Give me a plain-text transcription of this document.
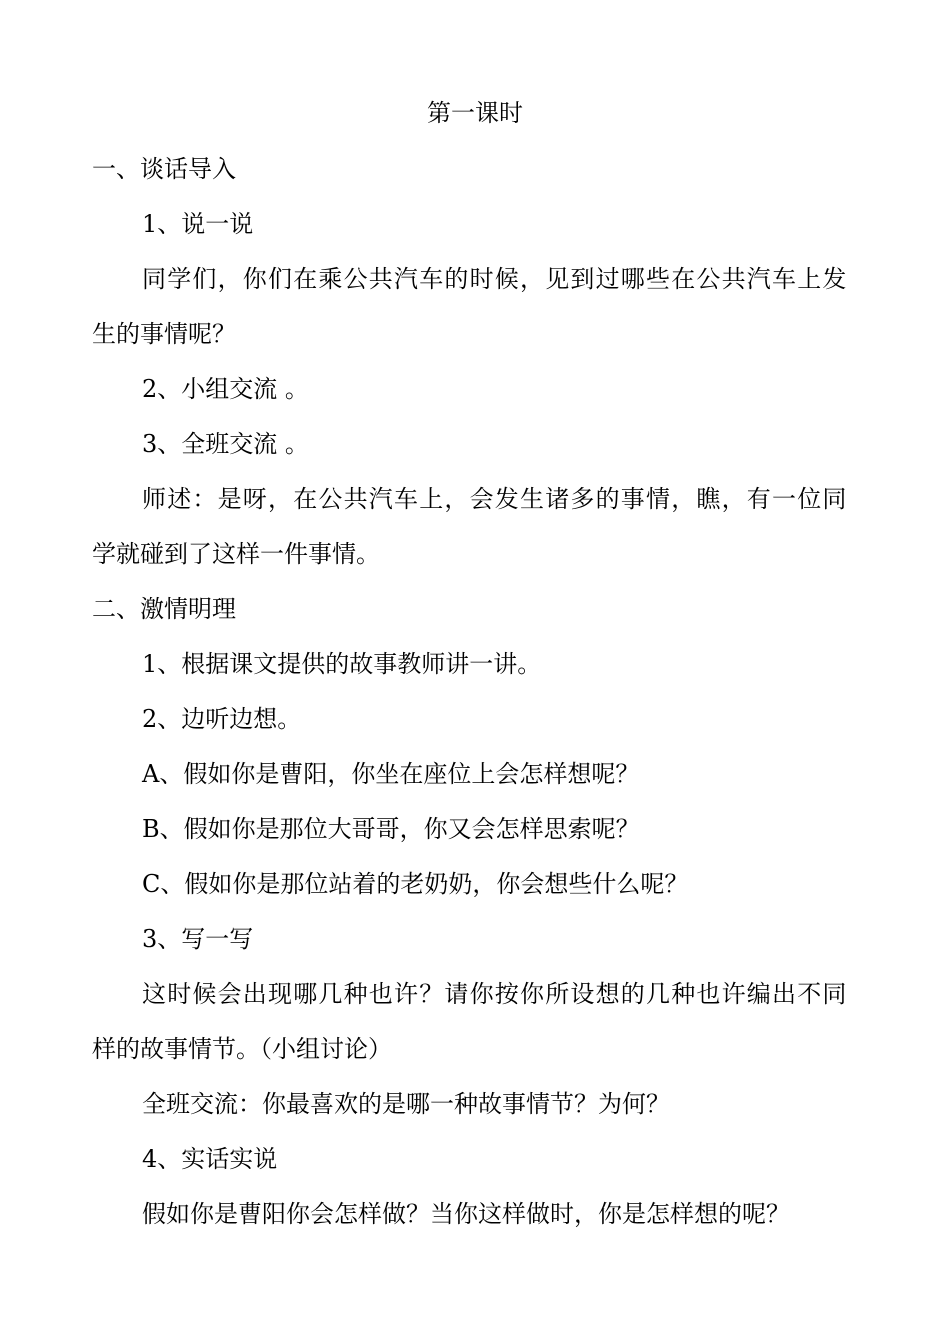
第一课时
一、谈话导入
1、说一说
同学们，你们在乘公共汽车的时候，见到过哪些在公共汽车上发
生的事情呢？
2、小组交流 。
3、全班交流 。
师述：是呀，在公共汽车上，会发生诸多的事情，瞧，有一位同
学就碰到了这样一件事情。
二、激情明理
1、根据课文提供的故事教师讲一讲。
2、边听边想。
A、假如你是曹阳，你坐在座位上会怎样想呢？
B、假如你是那位大哥哥，你又会怎样思索呢？
C、假如你是那位站着的老奶奶，你会想些什么呢？
3、写一写
这时候会出现哪几种也许？请你按你所设想的几种也许编出不同
样的故事情节。（小组讨论）
全班交流：你最喜欢的是哪一种故事情节？为何？
4、实话实说
假如你是曹阳你会怎样做？当你这样做时，你是怎样想的呢？
